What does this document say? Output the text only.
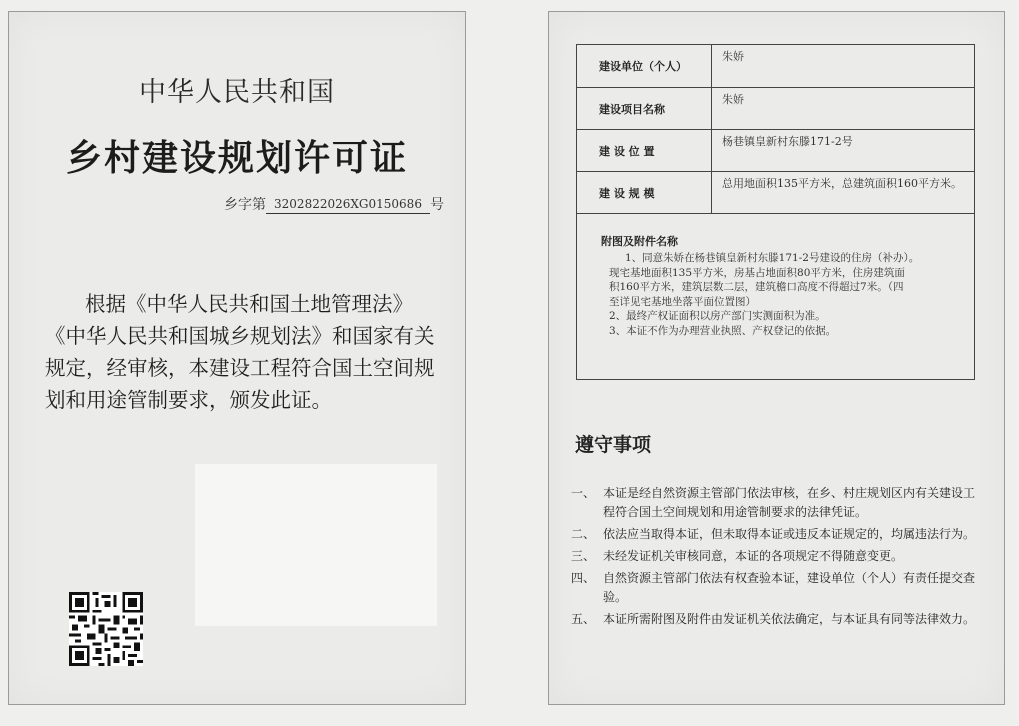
中华人民共和国
乡村建设规划许可证
乡字第 3202822026XG0150686 号
根据《中华人民共和国土地管理法》《中华人民共和国城乡规划法》和国家有关规定，经审核，本建设工程符合国土空间规划和用途管制要求，颁发此证。
建设单位（个人）
朱娇
建设项目名称
朱娇
建 设 位 置
杨巷镇皇新村东滕171-2号
建 设 规 模
总用地面积135平方米，总建筑面积160平方米。
附图及附件名称
1、同意朱娇在杨巷镇皇新村东滕171-2号建设的住房（补办）。
现宅基地面积135平方米，房基占地面积80平方米，住房建筑面
积160平方米，建筑层数二层，建筑檐口高度不得超过7米。（四
至详见宅基地坐落平面位置图）
2、最终产权证面积以房产部门实测面积为准。
3、本证不作为办理营业执照、产权登记的依据。
遵守事项
一、 本证是经自然资源主管部门依法审核，在乡、村庄规划区内有关建设工程符合国土空间规划和用途管制要求的法律凭证。
二、 依法应当取得本证，但未取得本证或违反本证规定的，均属违法行为。
三、 未经发证机关审核同意，本证的各项规定不得随意变更。
四、 自然资源主管部门依法有权查验本证，建设单位（个人）有责任提交查验。
五、 本证所需附图及附件由发证机关依法确定，与本证具有同等法律效力。
